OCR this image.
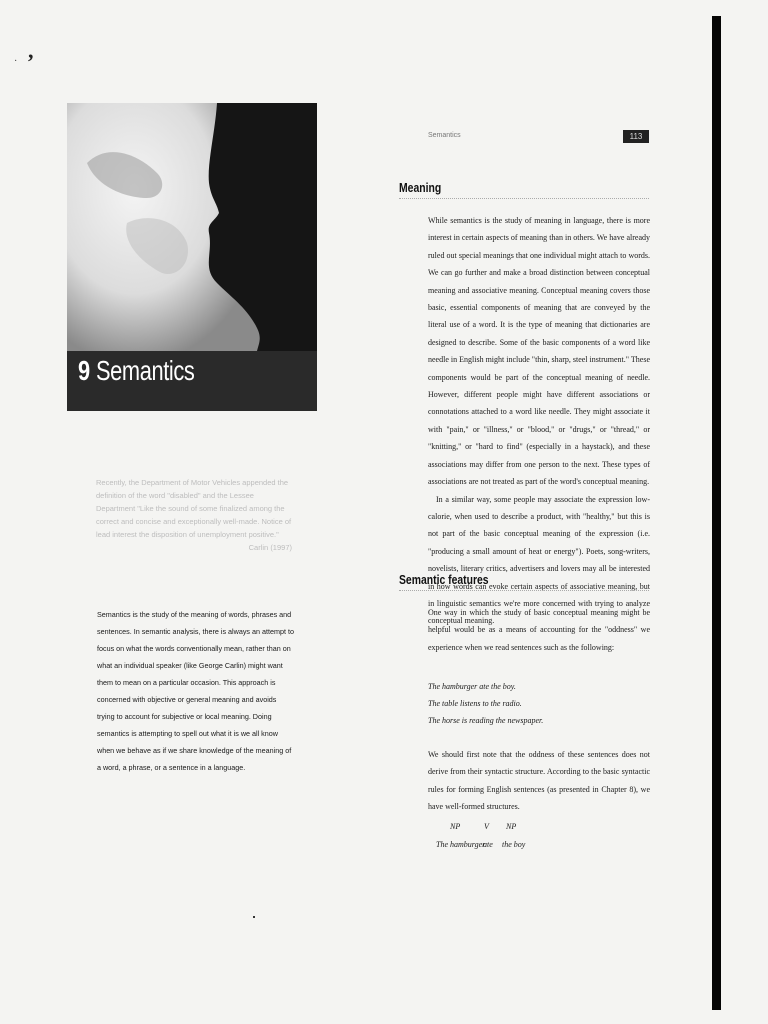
,
·
9 Semantics
Recently, the Department of Motor Vehicles appended the definition of the word "disabled" and the Lessee Department "Like the sound of some finalized among the correct and concise and exceptionally well-made. Notice of lead interest the disposition of unemployment positive."
Carlin (1997)
Semantics is the study of the meaning of words, phrases and sentences. In semantic analysis, there is always an attempt to focus on what the words conventionally mean, rather than on what an individual speaker (like George Carlin) might want them to mean on a particular occasion. This approach is concerned with objective or general meaning and avoids trying to account for subjective or local meaning. Doing semantics is attempting to spell out what it is we all know when we behave as if we share knowledge of the meaning of a word, a phrase, or a sentence in a language.
Semantics	113
Meaning

While semantics is the study of meaning in language, there is more interest in certain aspects of meaning than in others. We have already ruled out special meanings that one individual might attach to words. We can go further and make a broad distinction between conceptual meaning and associative meaning. Conceptual meaning covers those basic, essential components of meaning that are conveyed by the literal use of a word. It is the type of meaning that dictionaries are designed to describe. Some of the basic components of a word like needle in English might include "thin, sharp, steel instrument." These components would be part of the conceptual meaning of needle. However, different people might have different associations or connotations attached to a word like needle. They might associate it with "pain," or "illness," or "blood," or "drugs," or "thread," or "knitting," or "hard to find" (especially in a haystack), and these associations may differ from one person to the next. These types of associations are not treated as part of the word's conceptual meaning.

In a similar way, some people may associate the expression low-calorie, when used to describe a product, with "healthy," but this is not part of the basic conceptual meaning of the expression (i.e. "producing a small amount of heat or energy"). Poets, song-writers, novelists, literary critics, advertisers and lovers may all be interested in how words can evoke certain aspects of associative meaning, but in linguistic semantics we're more concerned with trying to analyze conceptual meaning.

Semantic features
One way in which the study of basic conceptual meaning might be helpful would be as a means of accounting for the "oddness" we experience when we read sentences such as the following:
The hamburger ate the boy.
The table listens to the radio.
The horse is reading the newspaper.
We should first note that the oddness of these sentences does not derive from their syntactic structure. According to the basic syntactic rules for forming English sentences (as presented in Chapter 8), we have well-formed structures.
NP	V NP
The hamburger
ate the boy
